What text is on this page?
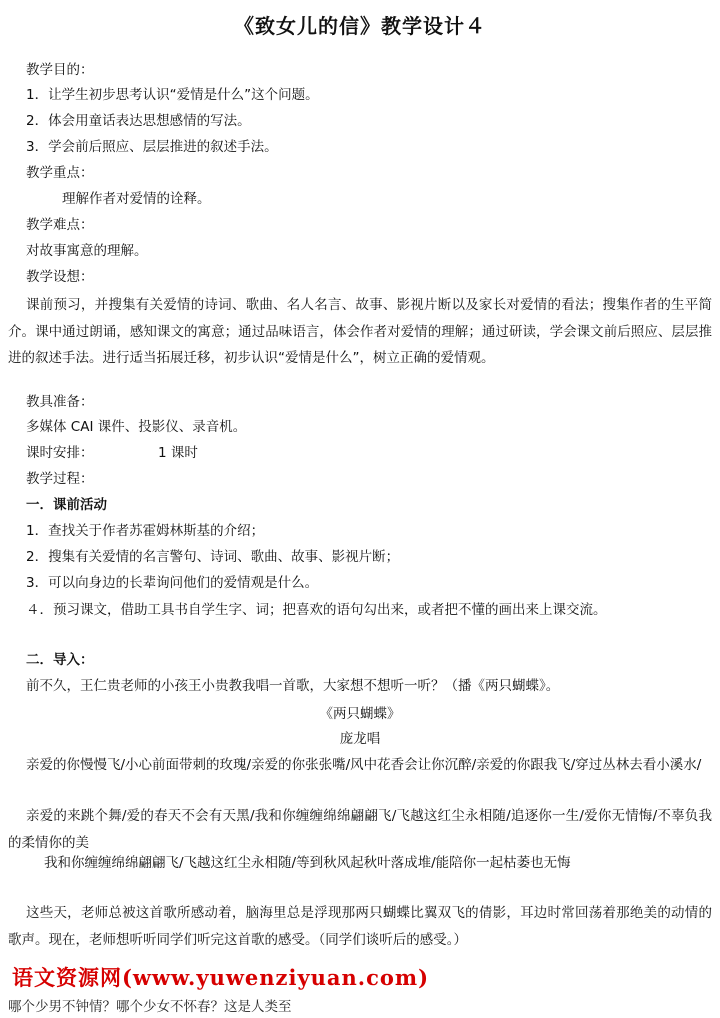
《致女儿的信》教学设计４
教学目的：
1．让学生初步思考认识“爱情是什么”这个问题。
2．体会用童话表达思想感情的写法。
3．学会前后照应、层层推进的叙述手法。
教学重点：
理解作者对爱情的诠释。
教学难点：
对故事寓意的理解。
教学设想：
课前预习，并搜集有关爱情的诗词、歌曲、名人名言、故事、影视片断以及家长对爱情的看法；搜集作者的生平简介。课中通过朗诵，感知课文的寓意；通过品味语言，体会作者对爱情的理解；通过研读，学会课文前后照应、层层推进的叙述手法。进行适当拓展迁移，初步认识“爱情是什么”，树立正确的爱情观。
教具准备：
多媒体 CAI 课件、投影仪、录音机。
课时安排：	1 课时
教学过程：
一．课前活动
1．查找关于作者苏霍姆林斯基的介绍；
2．搜集有关爱情的名言警句、诗词、歌曲、故事、影视片断；
3．可以向身边的长辈询问他们的爱情观是什么。
４．预习课文，借助工具书自学生字、词；把喜欢的语句勾出来，或者把不懂的画出来上课交流。
二．导入：
前不久，王仁贵老师的小孩王小贵教我唱一首歌，大家想不想听一听？（播《两只蝴蝶》。
《两只蝴蝶》
庞龙唱
亲爱的你慢慢飞/小心前面带刺的玫瑰/亲爱的你张张嘴/风中花香会让你沉醉/亲爱的你跟我飞/穿过丛林去看小溪水/
亲爱的来跳个舞/爱的春天不会有天黑/我和你缠缠绵绵翩翩飞/飞越这红尘永相随/追逐你一生/爱你无情悔/不辜负我的柔情你的美
我和你缠缠绵绵翩翩飞/飞越这红尘永相随/等到秋风起秋叶落成堆/能陪你一起枯萎也无悔
这些天，老师总被这首歌所感动着，脑海里总是浮现那两只蝴蝶比翼双飞的倩影，耳边时常回荡着那绝美的动情的歌声。现在，老师想听听同学们听完这首歌的感受。（同学们谈听后的感受。）
哪个少男不钟情？哪个少女不怀春？这是人类至
语文资源网(www.yuwenziyuan.com)
